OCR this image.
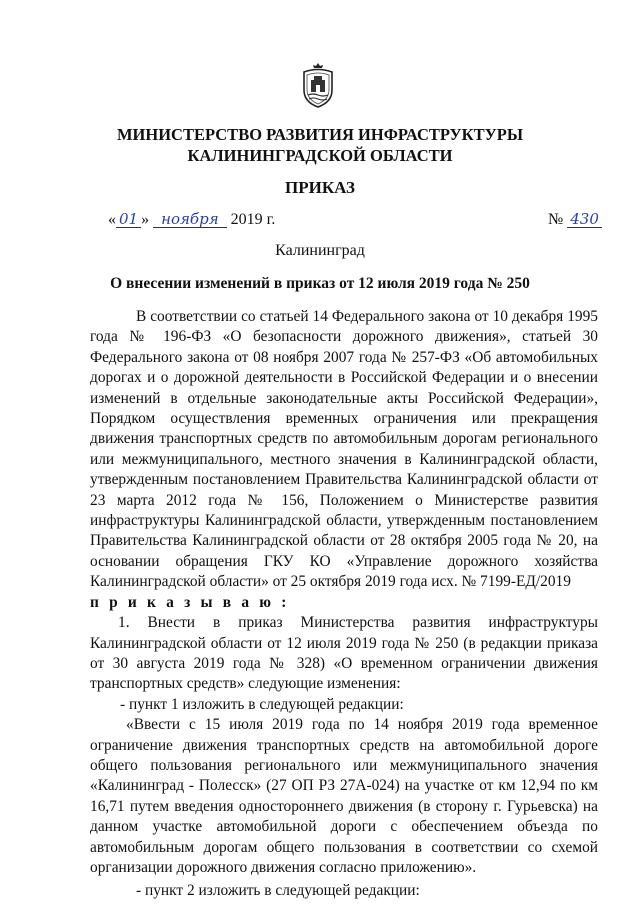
МИНИСТЕРСТВО РАЗВИТИЯ ИНФРАСТРУКТУРЫ
КАЛИНИНГРАДСКОЙ ОБЛАСТИ
ПРИКАЗ
« 01 » ноября 2019 г.	№ 430
Калининград
О внесении изменений в приказ от 12 июля 2019 года № 250

В соответствии со статьей 14 Федерального закона от 10 декабря 1995 года № 196-ФЗ «О безопасности дорожного движения», статьей 30 Федерального закона от 08 ноября 2007 года № 257-ФЗ «Об автомобильных дорогах и о дорожной деятельности в Российской Федерации и о внесении изменений в отдельные законодательные акты Российской Федерации», Порядком осуществления временных ограничения или прекращения движения транспортных средств по автомобильным дорогам регионального или межмуниципального, местного значения в Калининградской области, утвержденным постановлением Правительства Калининградской области от 23 марта 2012 года № 156, Положением о Министерстве развития инфраструктуры Калининградской области, утвержденным постановлением Правительства Калининградской области от 28 октября 2005 года № 20, на основании обращения ГКУ КО «Управление дорожного хозяйства Калининградской области» от 25 октября 2019 года исх. № 7199-ЕД/2019

п р и к а з ы в а ю :

1. Внести в приказ Министерства развития инфраструктуры Калининградской области от 12 июля 2019 года № 250 (в редакции приказа от 30 августа 2019 года № 328) «О временном ограничении движения транспортных средств» следующие изменения:

- пункт 1 изложить в следующей редакции:

«Ввести с 15 июля 2019 года по 14 ноября 2019 года временное ограничение движения транспортных средств на автомобильной дороге общего пользования регионального или межмуниципального значения «Калининград - Полесск» (27 ОП РЗ 27А-024) на участке от км 12,94 по км 16,71 путем введения одностороннего движения (в сторону г. Гурьевска) на данном участке автомобильной дороги с обеспечением объезда по автомобильным дорогам общего пользования в соответствии со схемой организации дорожного движения согласно приложению».

- пункт 2 изложить в следующей редакции:
